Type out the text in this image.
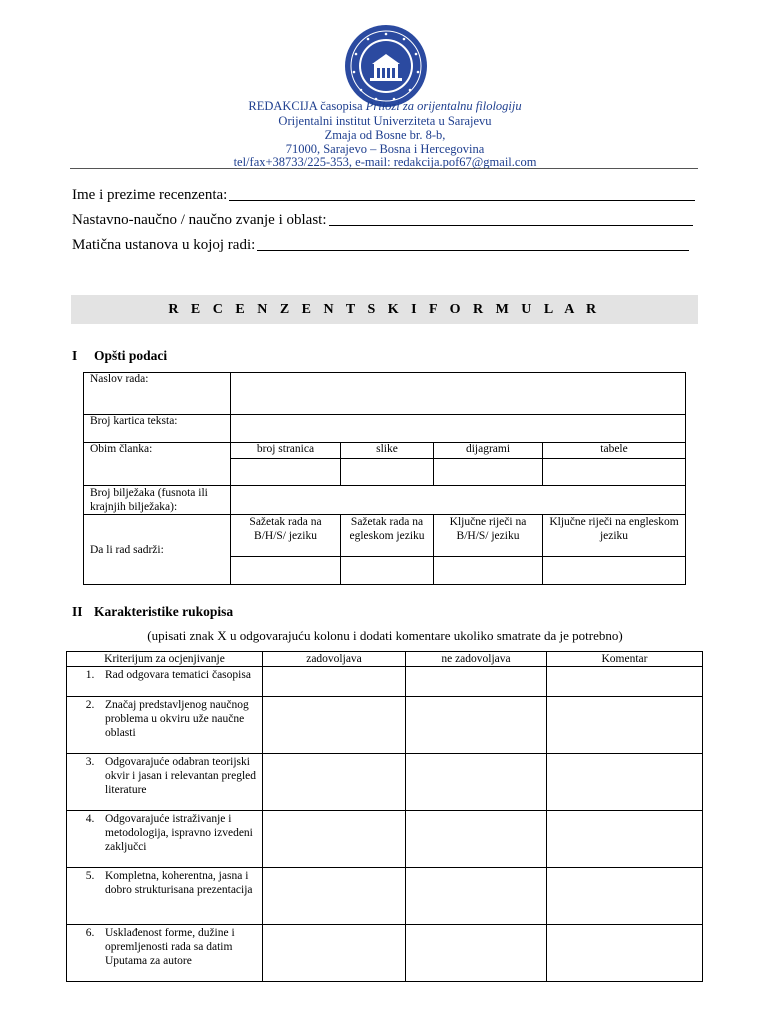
REDAKCIJA časopisa Prilozi za orijentalnu filologiju
Orijentalni institut Univerziteta u Sarajevu
Zmaja od Bosne br. 8-b,
71000, Sarajevo – Bosna i Hercegovina
tel/fax+38733/225-353, e-mail: redakcija.pof67@gmail.com
Ime i prezime recenzenta:
Nastavno-naučno / naučno zvanje i oblast:
Matična ustanova u kojoj radi:
R E C E N Z E N T S K I F O R M U L A R
I Opšti podaci
Naslov rada:				
Broj kartica teksta:				
Obim članka:	broj stranica	slike	dijagrami	tabele

Broj bilježaka (fusnota ili krajnjih bilježaka):				
Da li rad sadrži:	Sažetak rada na B/H/S/ jeziku	Sažetak rada na egleskom jeziku	Ključne riječi na B/H/S/ jeziku	Ključne riječi na engleskom jeziku

II Karakteristike rukopisa
(upisati znak X u odgovarajuću kolonu i dodati komentare ukoliko smatrate da je potrebno)
Kriterijum za ocjenjivanje	zadovoljava	ne zadovoljava	Komentar

1. Rad odgovara tematici časopisa			

2. Značaj predstavljenog naučnog problema u okviru uže naučne oblasti			

3. Odgovarajuće odabran teorijski okvir i jasan i relevantan pregled literature			

4. Odgovarajuće istraživanje i metodologija, ispravno izvedeni zaključci			

5. Kompletna, koherentna, jasna i dobro strukturisana prezentacija			

6. Usklađenost forme, dužine i opremljenosti rada sa datim Uputama za autore			
